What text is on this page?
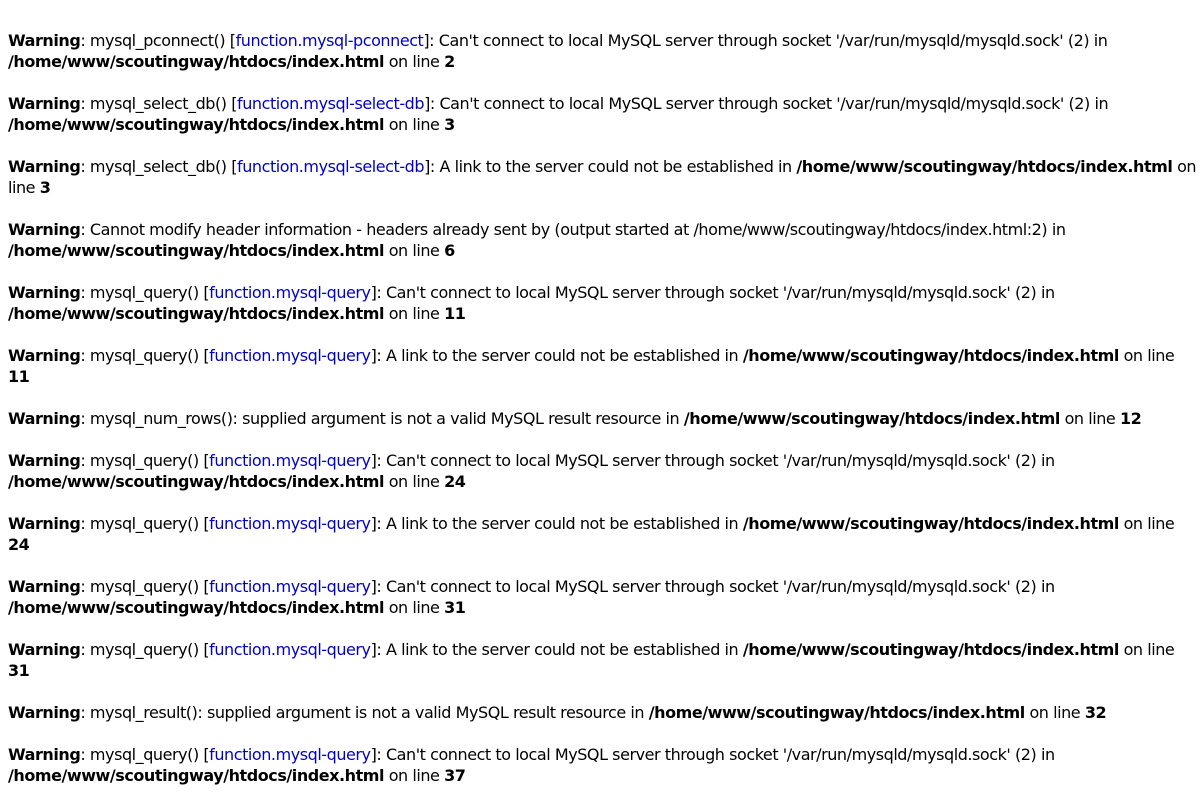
Warning: mysql_pconnect() [function.mysql-pconnect]: Can't connect to local MySQL server through socket '/var/run/mysqld/mysqld.sock' (2) in /home/www/scoutingway/htdocs/index.html on line 2
Warning: mysql_select_db() [function.mysql-select-db]: Can't connect to local MySQL server through socket '/var/run/mysqld/mysqld.sock' (2) in /home/www/scoutingway/htdocs/index.html on line 3
Warning: mysql_select_db() [function.mysql-select-db]: A link to the server could not be established in /home/www/scoutingway/htdocs/index.html on line 3
Warning: Cannot modify header information - headers already sent by (output started at /home/www/scoutingway/htdocs/index.html:2) in /home/www/scoutingway/htdocs/index.html on line 6
Warning: mysql_query() [function.mysql-query]: Can't connect to local MySQL server through socket '/var/run/mysqld/mysqld.sock' (2) in /home/www/scoutingway/htdocs/index.html on line 11
Warning: mysql_query() [function.mysql-query]: A link to the server could not be established in /home/www/scoutingway/htdocs/index.html on line 11
Warning: mysql_num_rows(): supplied argument is not a valid MySQL result resource in /home/www/scoutingway/htdocs/index.html on line 12
Warning: mysql_query() [function.mysql-query]: Can't connect to local MySQL server through socket '/var/run/mysqld/mysqld.sock' (2) in /home/www/scoutingway/htdocs/index.html on line 24
Warning: mysql_query() [function.mysql-query]: A link to the server could not be established in /home/www/scoutingway/htdocs/index.html on line 24
Warning: mysql_query() [function.mysql-query]: Can't connect to local MySQL server through socket '/var/run/mysqld/mysqld.sock' (2) in /home/www/scoutingway/htdocs/index.html on line 31
Warning: mysql_query() [function.mysql-query]: A link to the server could not be established in /home/www/scoutingway/htdocs/index.html on line 31
Warning: mysql_result(): supplied argument is not a valid MySQL result resource in /home/www/scoutingway/htdocs/index.html on line 32
Warning: mysql_query() [function.mysql-query]: Can't connect to local MySQL server through socket '/var/run/mysqld/mysqld.sock' (2) in /home/www/scoutingway/htdocs/index.html on line 37
